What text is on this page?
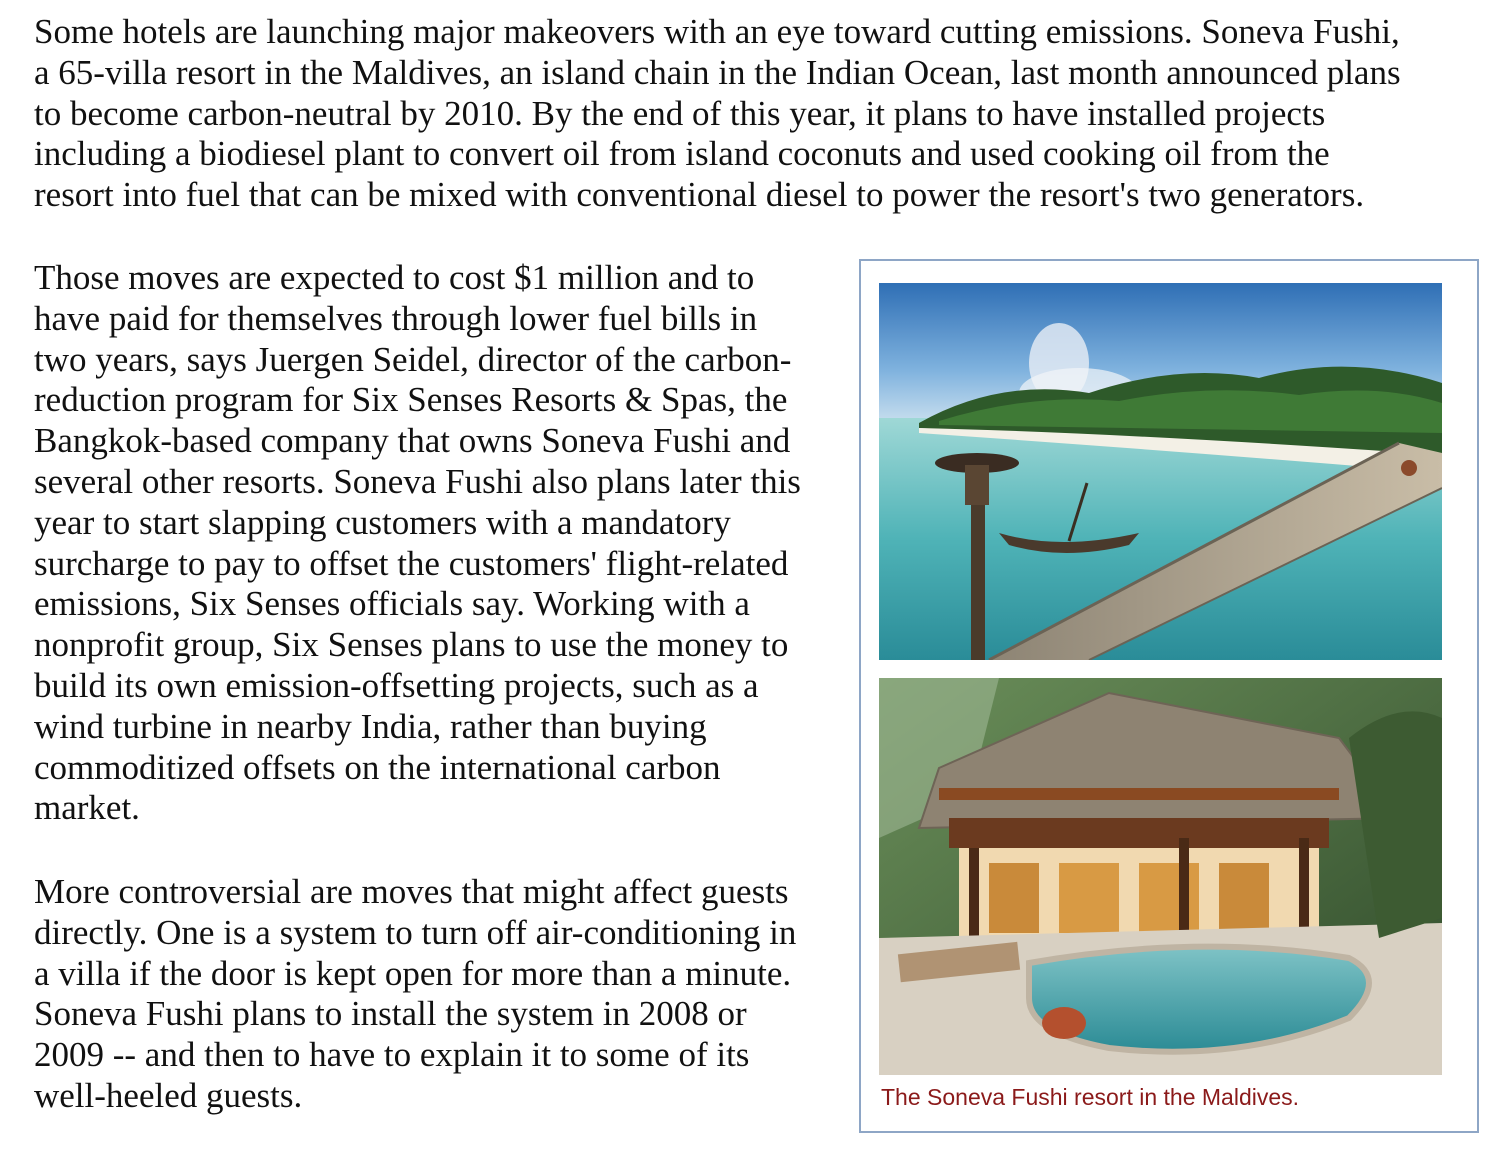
Some hotels are launching major makeovers with an eye toward cutting emissions. Soneva Fushi,
a 65-villa resort in the Maldives, an island chain in the Indian Ocean, last month announced plans
to become carbon-neutral by 2010. By the end of this year, it plans to have installed projects
including a biodiesel plant to convert oil from island coconuts and used cooking oil from the
resort into fuel that can be mixed with conventional diesel to power the resort's two generators.

Those moves are expected to cost $1 million and to
have paid for themselves through lower fuel bills in
two years, says Juergen Seidel, director of the carbon-
reduction program for Six Senses Resorts & Spas, the
Bangkok-based company that owns Soneva Fushi and
several other resorts. Soneva Fushi also plans later this
year to start slapping customers with a mandatory
surcharge to pay to offset the customers' flight-related
emissions, Six Senses officials say. Working with a
nonprofit group, Six Senses plans to use the money to
build its own emission-offsetting projects, such as a
wind turbine in nearby India, rather than buying
commoditized offsets on the international carbon
market.

More controversial are moves that might affect guests
directly. One is a system to turn off air-conditioning in
a villa if the door is kept open for more than a minute.
Soneva Fushi plans to install the system in 2008 or
2009 -- and then to have to explain it to some of its
well-heeled guests.	The Soneva Fushi resort in the Maldives.
